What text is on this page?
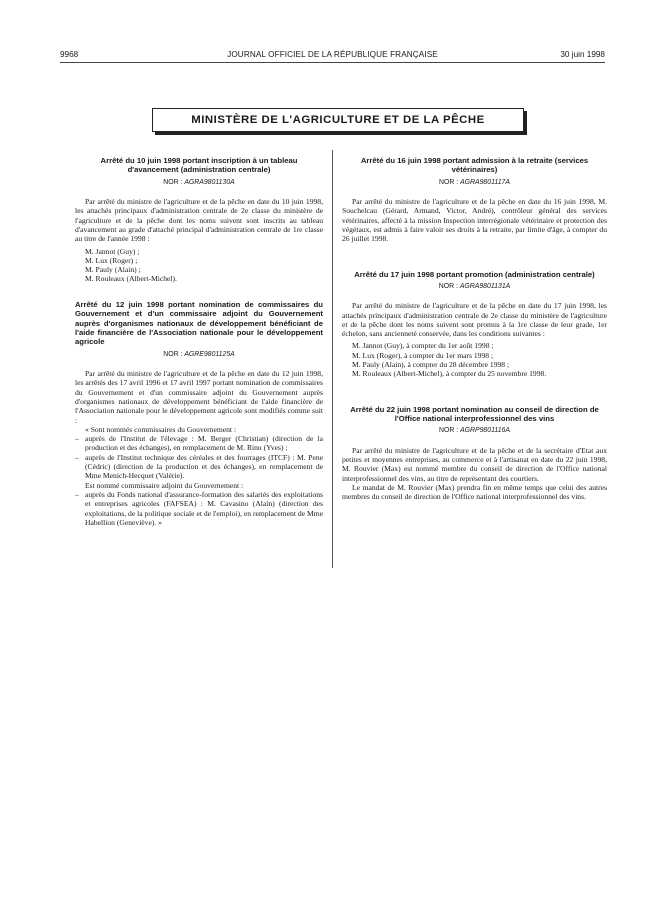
9968	JOURNAL OFFICIEL DE LA RÉPUBLIQUE FRANÇAISE	30 juin 1998
MINISTÈRE DE L'AGRICULTURE ET DE LA PÊCHE
Arrêté du 10 juin 1998 portant inscription à un tableau d'avancement (administration centrale)
NOR : AGRA9801130A

Par arrêté du ministre de l'agriculture et de la pêche en date du 10 juin 1998, les attachés principaux d'administration centrale de 2e classe du ministère de l'agriculture et de la pêche dont les noms suivent sont inscrits au tableau d'avancement au grade d'attaché principal d'administration centrale de 1re classe au titre de l'année 1998 :

M. Jannot (Guy) ;
M. Lux (Roger) ;
M. Pauly (Alain) ;
M. Rouleaux (Albert-Michel).
Arrêté du 12 juin 1998 portant nomination de commissaires du Gouvernement et d'un commissaire adjoint du Gouvernement auprès d'organismes nationaux de développement bénéficiant de l'aide financière de l'Association nationale pour le développement agricole
NOR : AGRE9801125A

Par arrêté du ministre de l'agriculture et de la pêche en date du 12 juin 1998, les arrêtés des 17 avril 1996 et 17 avril 1997 portant nomination de commissaires du Gouvernement et d'un commissaire adjoint du Gouvernement auprès d'organismes nationaux de développement bénéficiant de l'aide financière de l'Association nationale pour le développement agricole sont modifiés comme suit :

« Sont nommés commissaires du Gouvernement :

– auprès de l'Institut de l'élevage : M. Berger (Christian) (direction de la production et des échanges), en remplacement de M. Rinu (Yves) ;
– auprès de l'Institut technique des céréales et des fourrages (ITCF) : M. Pene (Cédric) (direction de la production et des échanges), en remplacement de Mme Menich-Hecquet (Valérie).

Est nommé commissaire adjoint du Gouvernement :

– auprès du Fonds national d'assurance-formation des salariés des exploitations et entreprises agricoles (FAFSEA) : M. Cavasino (Alain) (direction des exploitations, de la politique sociale et de l'emploi), en remplacement de Mme Habellion (Geneviève). »
Arrêté du 16 juin 1998 portant admission à la retraite (services vétérinaires)
NOR : AGRA9801117A

Par arrêté du ministre de l'agriculture et de la pêche en date du 16 juin 1998, M. Souchelcau (Gérard, Armand, Victor, André), contrôleur général des services vétérinaires, affecté à la mission Inspection interrégionale vétérinaire et protection des végétaux, est admis à faire valoir ses droits à la retraite, par limite d'âge, à compter du 26 juillet 1998.

Arrêté du 17 juin 1998 portant promotion (administration centrale)
NOR : AGRA9801131A

Par arrêté du ministre de l'agriculture et de la pêche en date du 17 juin 1998, les attachés principaux d'administration centrale de 2e classe du ministère de l'agriculture et de la pêche dont les noms suivent sont promus à la 1re classe de leur grade, 1er échelon, sans ancienneté conservée, dans les conditions suivantes :

M. Jannot (Guy), à compter du 1er août 1998 ;
M. Lux (Roger), à compter du 1er mars 1998 ;
M. Pauly (Alain), à compter du 28 décembre 1998 ;
M. Rouleaux (Albert-Michel), à compter du 25 novembre 1998.
Arrêté du 22 juin 1998 portant nomination au conseil de direction de l'Office national interprofessionnel des vins
NOR : AGRP9801116A

Par arrêté du ministre de l'agriculture et de la pêche et de la secrétaire d'Etat aux petites et moyennes entreprises, au commerce et à l'artisanat en date du 22 juin 1998, M. Rouvier (Max) est nommé membre du conseil de direction de l'Office national interprofessionnel des vins, au titre de représentant des courtiers.

Le mandat de M. Rouvier (Max) prendra fin en même temps que celui des autres membres du conseil de direction de l'Office national interprofessionnel des vins.
